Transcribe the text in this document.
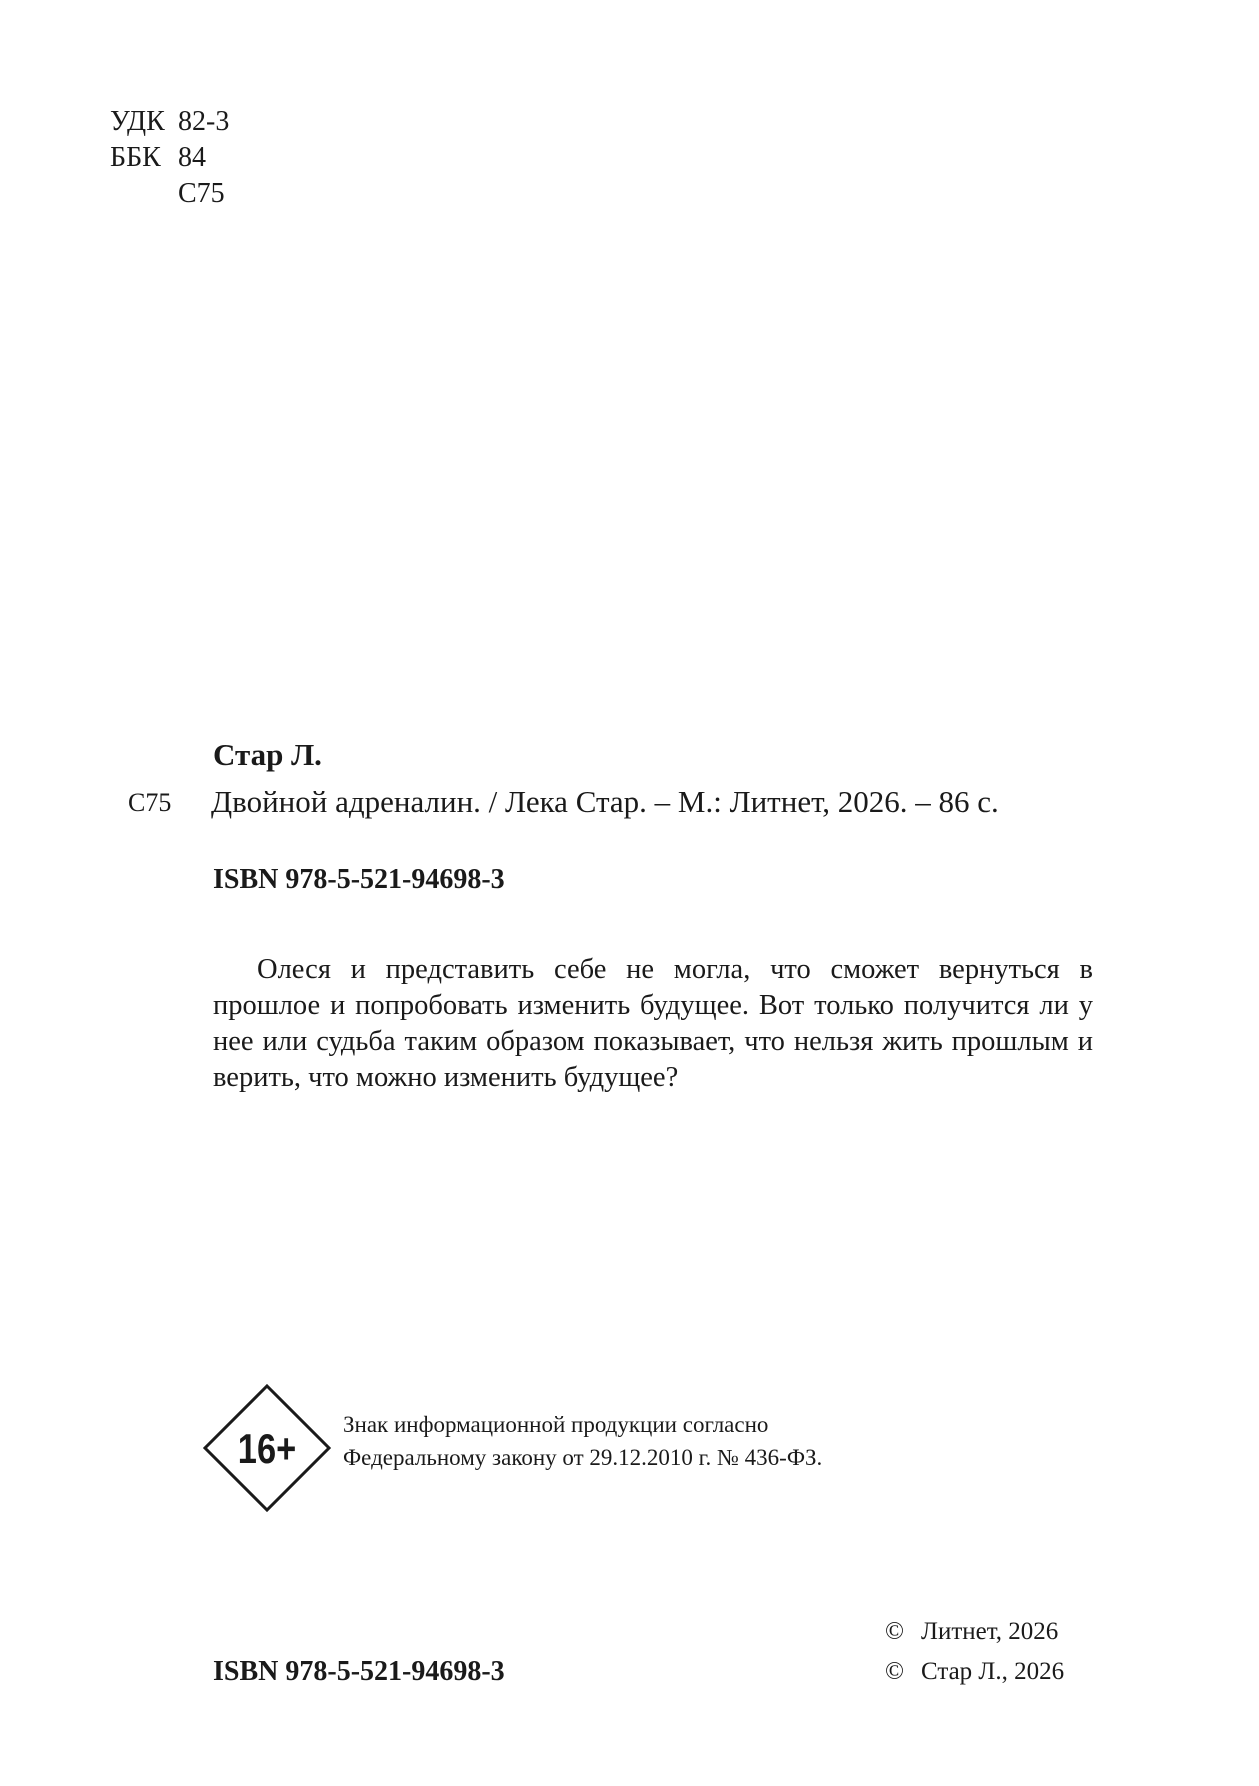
УДК 82-3
ББК 84
С75
Стар Л.
С75 Двойной адреналин. / Лека Стар. – М.: Литнет, 2026. – 86 с.
ISBN 978-5-521-94698-3
Олеся и представить себе не могла, что сможет вернуться в прошлое и попробовать изменить будущее. Вот только получится ли у нее или судьба таким образом показывает, что нельзя жить прошлым и верить, что можно изменить будущее?
16+
Знак информационной продукции согласно
Федеральному закону от 29.12.2010 г. № 436-ФЗ.
© Литнет, 2026
© Стар Л., 2026
ISBN 978-5-521-94698-3
